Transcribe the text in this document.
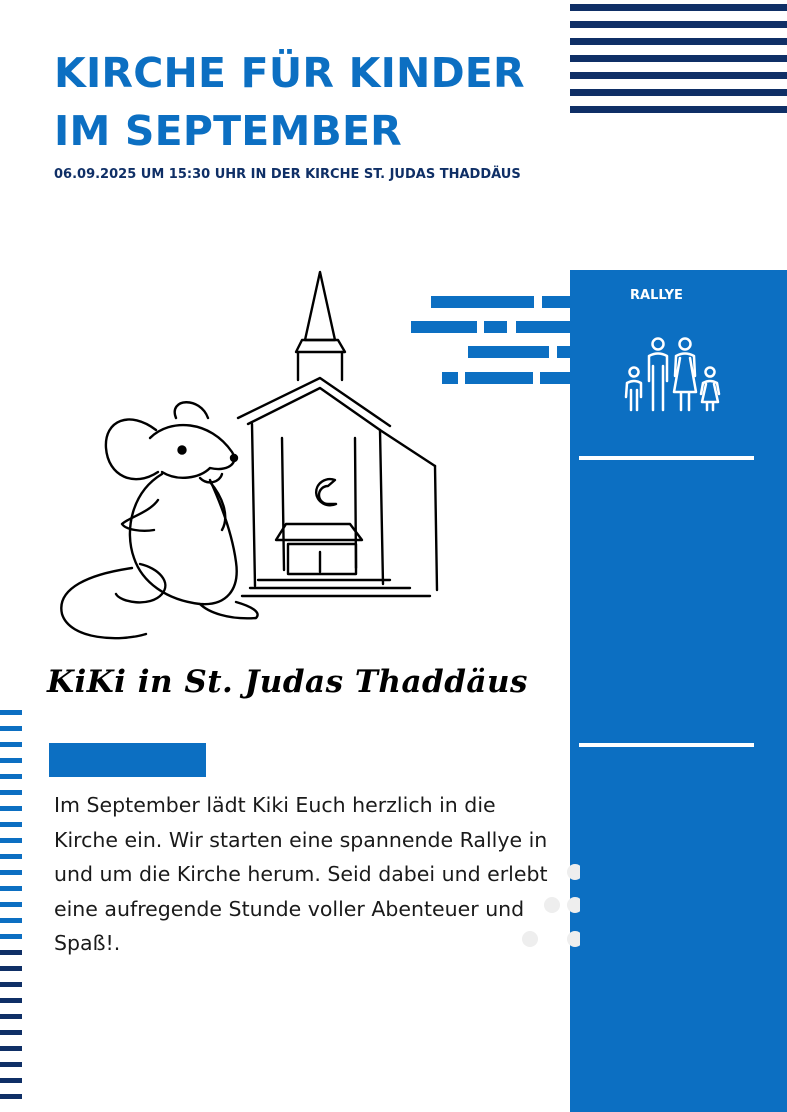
KIRCHE FÜR KINDER
IM SEPTEMBER

06.09.2025 UM 15:30 UHR IN DER KIRCHE ST. JUDAS THADDÄUS

RALLYE

KiKi in St. Judas Thaddäus

Im September lädt Kiki Euch herzlich in die Kirche ein. Wir starten eine spannende Rallye in und um die Kirche herum. Seid dabei und erlebt eine aufregende Stunde voller Abenteuer und Spaß!.
